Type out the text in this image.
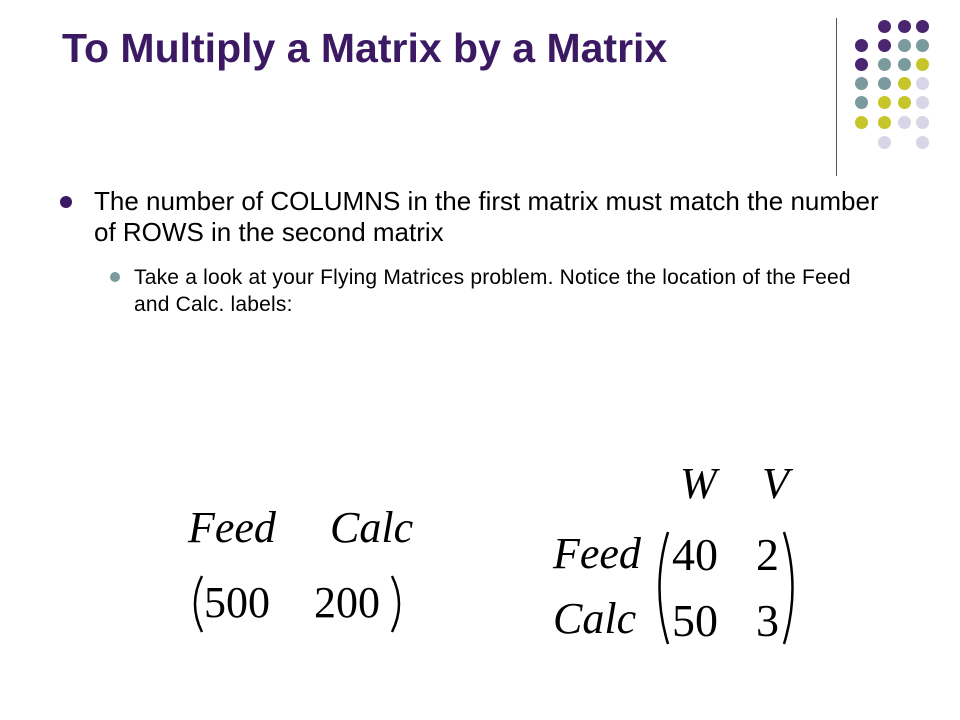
To Multiply a Matrix by a Matrix
The number of COLUMNS in the first matrix must match the number of ROWS in the second matrix
Take a look at your Flying Matrices problem. Notice the location of the Feed and Calc. labels:
Feed Calc
500 200
W V
Feed
Calc
40 2
50 3
